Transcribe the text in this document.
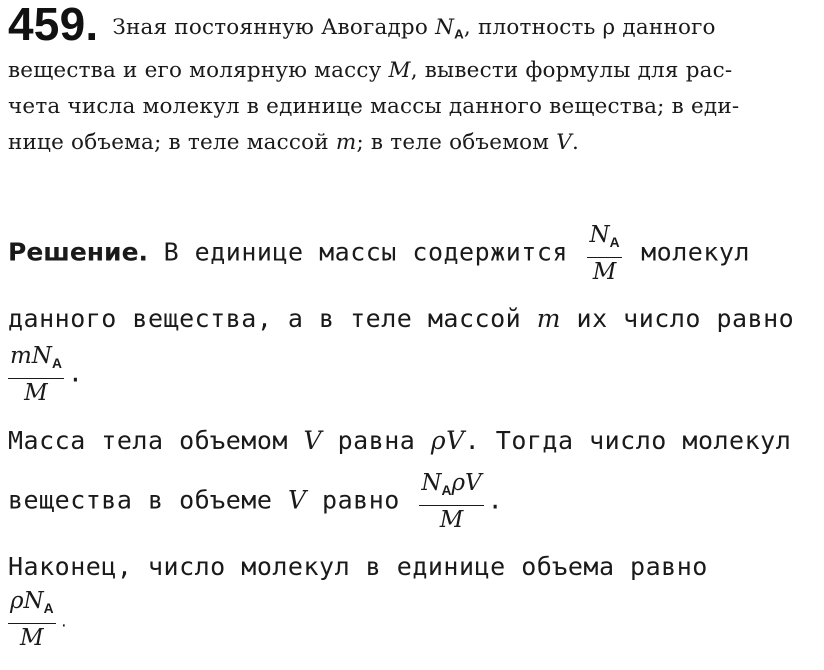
459. Зная постоянную Авогадро $N_A$, плотность ρ данного
вещества и его молярную массу M, вывести формулы для рас-
чета числа молекул в единице массы данного вещества; в еди-
нице объема; в теле массой m; в теле объемом V.
Решение. В единице массы содержится $\frac{N_A}{M}$ молекул
данного вещества, а в теле массой m их число равно
$\frac{mN_A}{M}$ .
Масса тела объемом V равна ρV. Тогда число молекул
вещества в объеме V равно $\frac{N_A\rho V}{M}$ .
Наконец, число молекул в единице объема равно
$\frac{\rho N_A}{M}$ .
